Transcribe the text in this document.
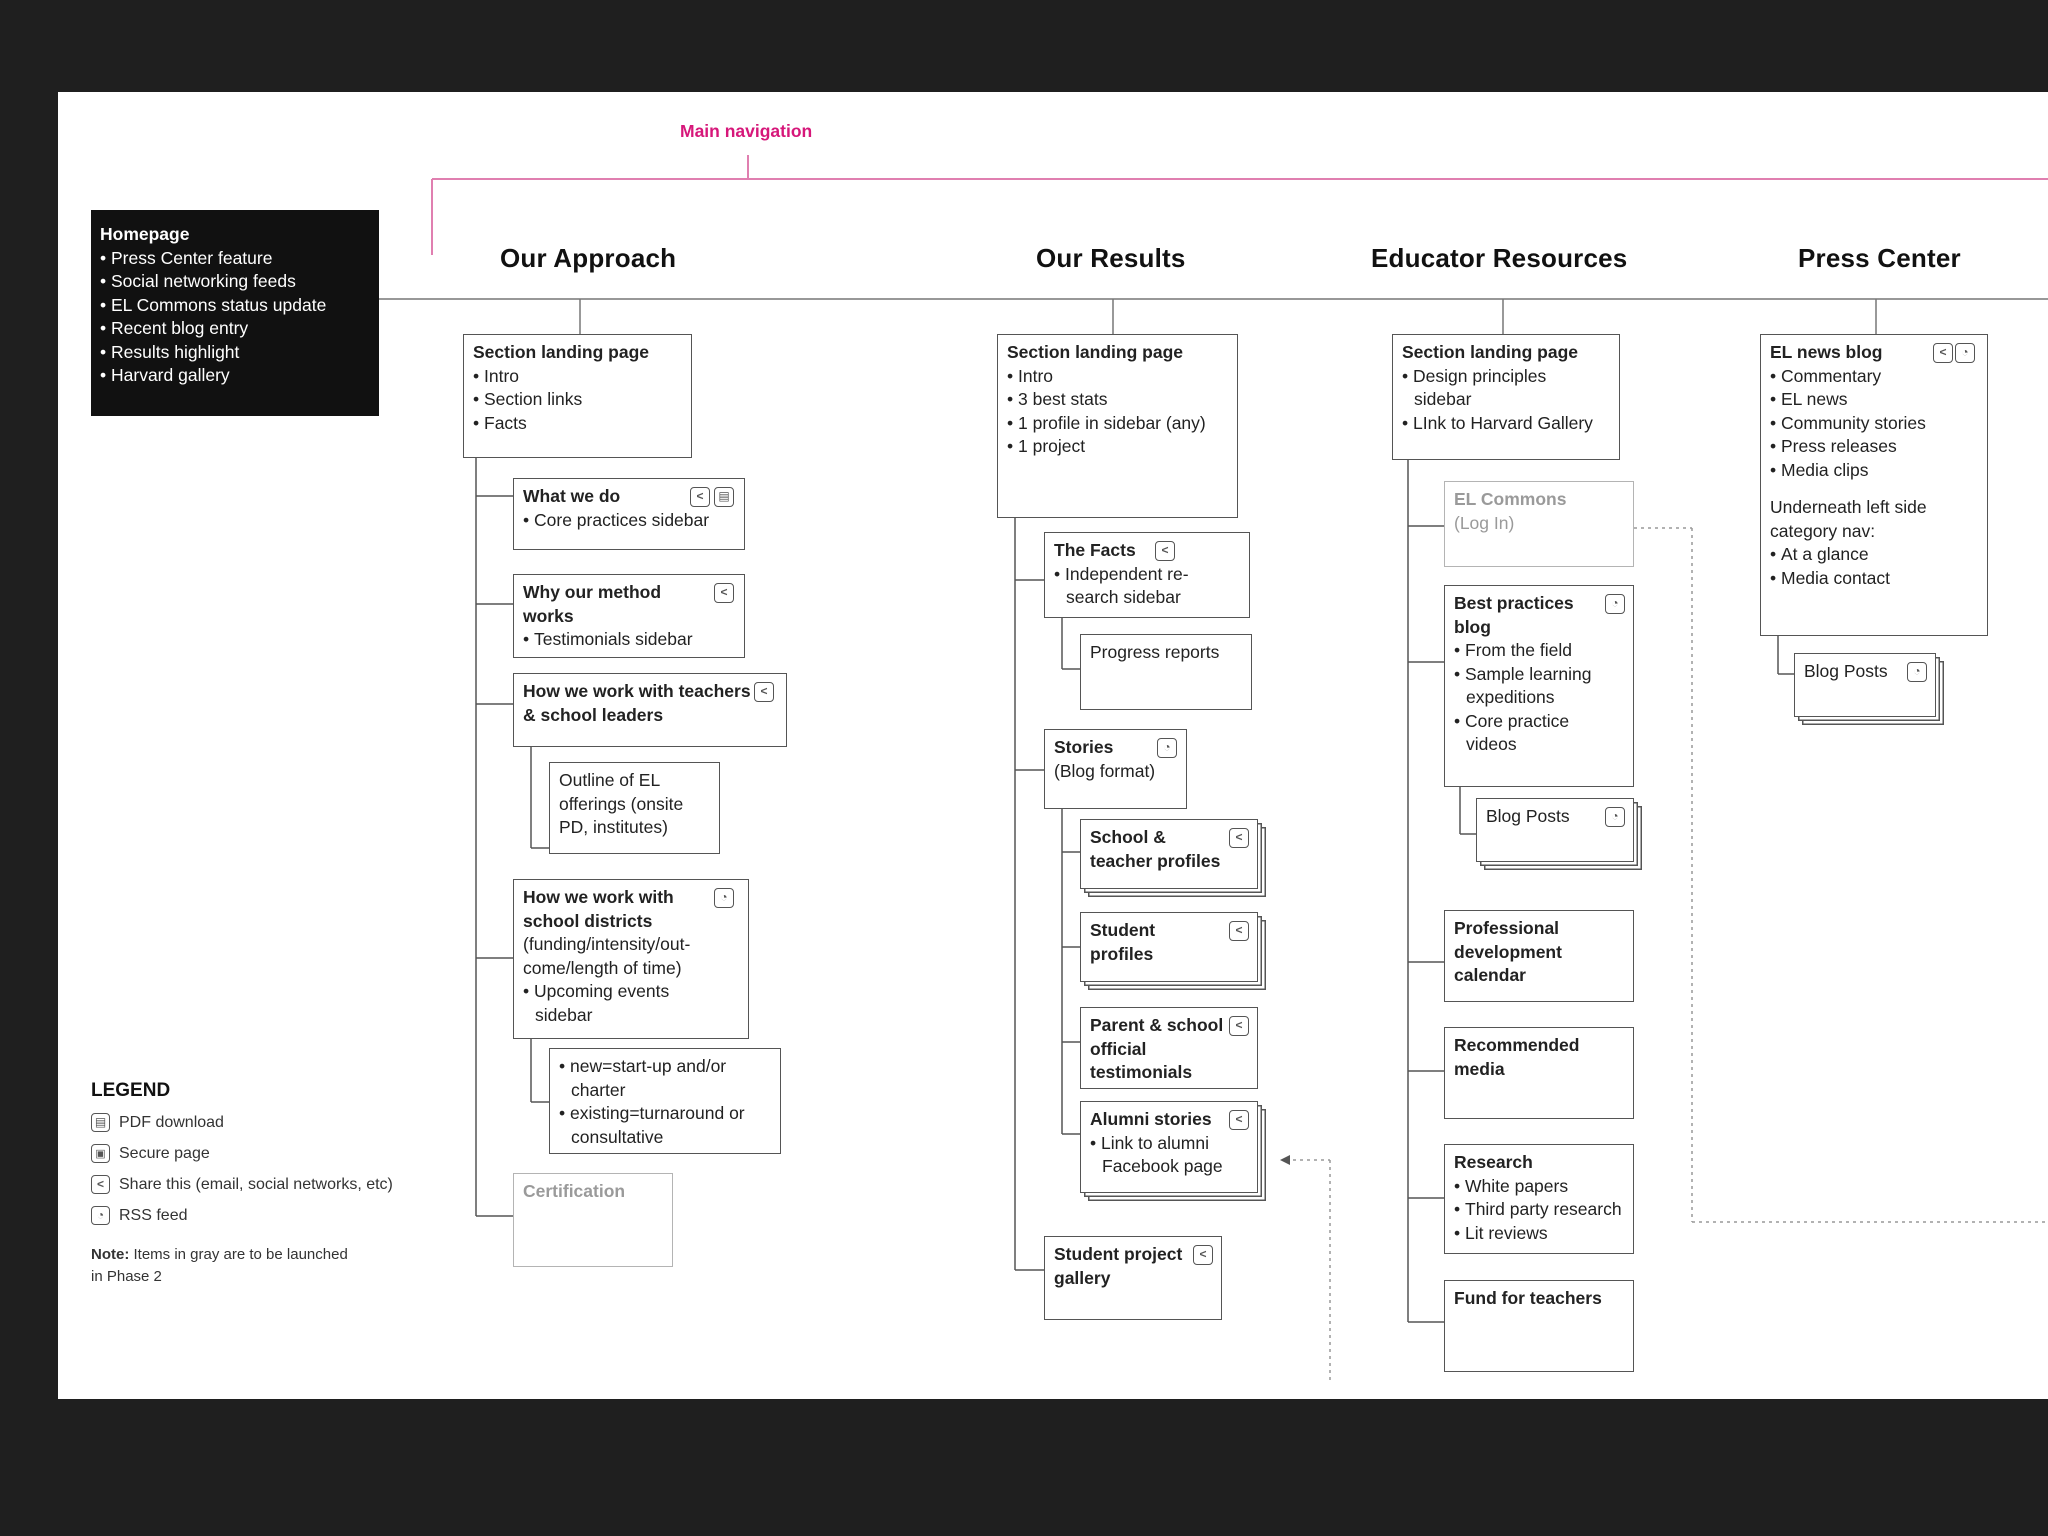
Main navigation
Homepage
• Press Center feature
• Social networking feeds
• EL Commons status update
• Recent blog entry
• Results highlight
• Harvard gallery
Our Approach	Our Results	Educator Resources	Press Center
Section landing page
• Intro
• Section links
• Facts
What we do
• Core practices sidebar
<
▤
Why our method works
• Testimonials sidebar
<
How we work with teachers & school leaders
<
Outline of EL offerings (onsite PD, institutes)
How we work with school districts
(funding/intensity/out-come/length of time)
• Upcoming events sidebar
◔
• new=start-up and/or charter
• existing=turnaround or consultative
Certification
Section landing page
• Intro
• 3 best stats
• 1 profile in sidebar (any)
• 1 project
The Facts
• Independent re-search sidebar
<
Progress reports
Stories
(Blog format)
◔
School & teacher profiles
<
Student profiles
<
Parent & school official testimonials
<
Alumni stories
• Link to alumni Facebook page
<
Student project gallery
<
Section landing page
• Design principles sidebar
• LInk to Harvard Gallery
EL Commons
(Log In)
Best practices blog
• From the field
• Sample learning expeditions
• Core practice videos
◔
Blog Posts
◔
Professional development calendar
Recommended media
Research
• White papers
• Third party research
• Lit reviews
Fund for teachers
EL news blog
• Commentary
• EL news
• Community stories
• Press releases
• Media clips
Underneath left side category nav:
• At a glance
• Media contact
<
◔
Blog Posts
◔
LEGEND
▤
PDF download
▣
Secure page
<
Share this (email, social networks, etc)
◔
RSS feed
Note: Items in gray are to be launched in Phase 2
